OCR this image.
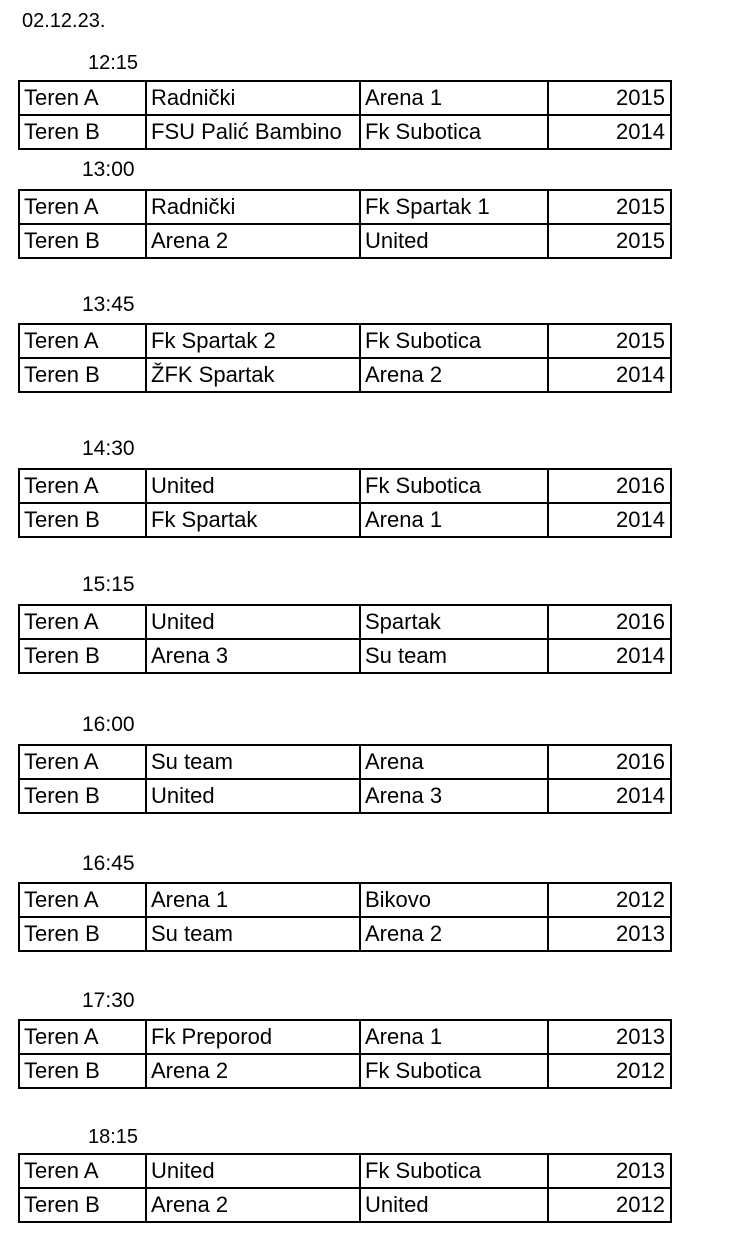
02.12.23.
12:15
Teren A	Radnički	Arena 1	2015
Teren B	FSU Palić Bambino	Fk Subotica	2014
13:00
Teren A	Radnički	Fk Spartak 1	2015
Teren B	Arena 2	United	2015
13:45
Teren A	Fk Spartak 2	Fk Subotica	2015
Teren B	ŽFK Spartak	Arena 2	2014
14:30
Teren A	United	Fk Subotica	2016
Teren B	Fk Spartak	Arena 1	2014
15:15
Teren A	United	Spartak	2016
Teren B	Arena 3	Su team	2014
16:00
Teren A	Su team	Arena	2016
Teren B	United	Arena 3	2014
16:45
Teren A	Arena 1	Bikovo	2012
Teren B	Su team	Arena 2	2013
17:30
Teren A	Fk Preporod	Arena 1	2013
Teren B	Arena 2	Fk Subotica	2012
18:15
Teren A	United	Fk Subotica	2013
Teren B	Arena 2	United	2012
